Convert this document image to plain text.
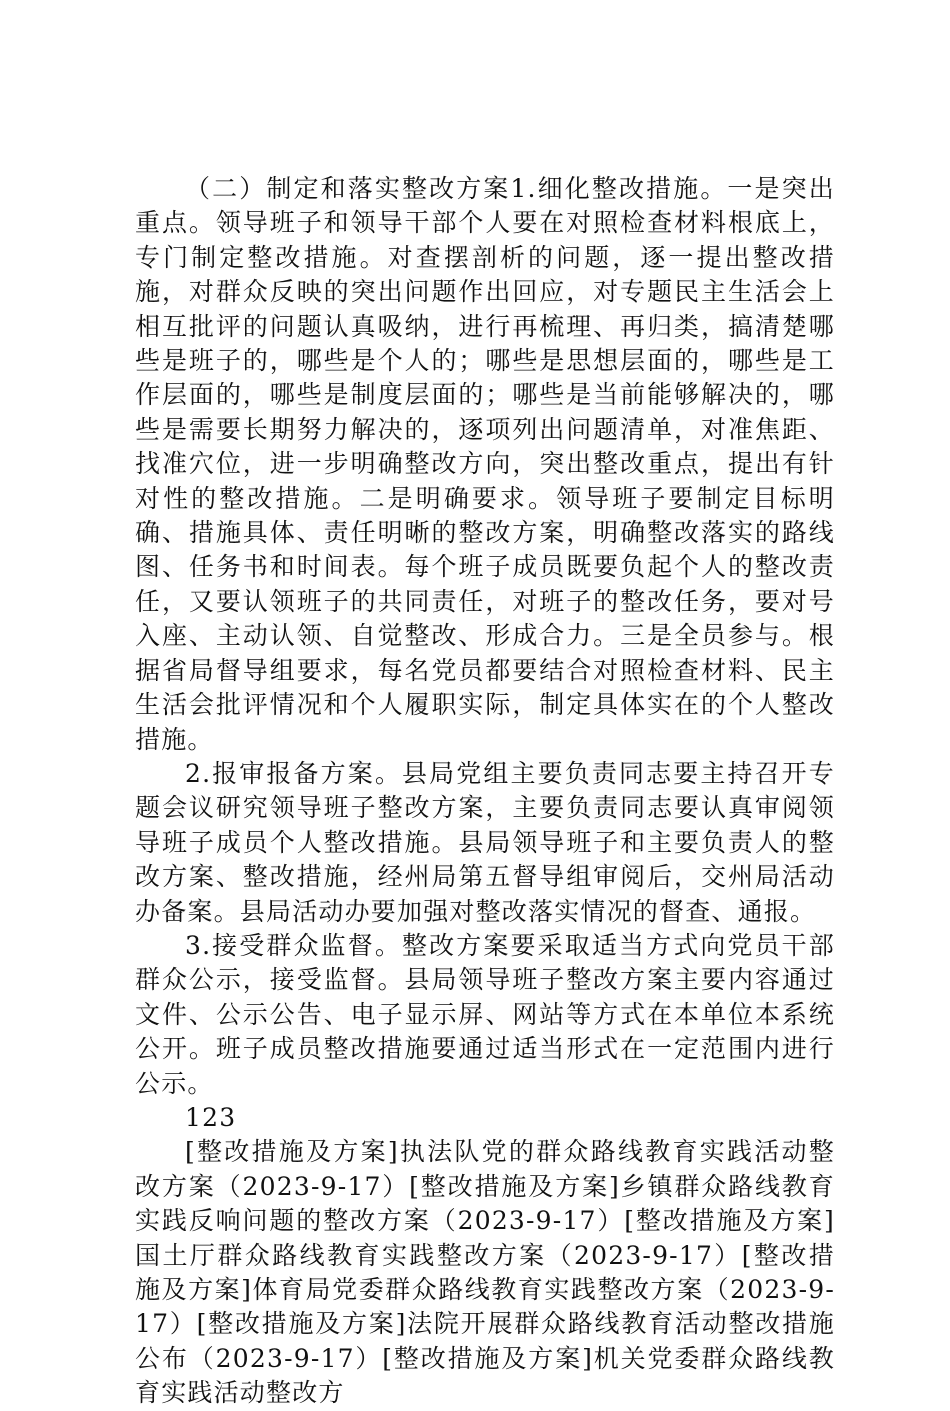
（二）制定和落实整改方案1.细化整改措施。一是突出重点。领导班子和领导干部个人要在对照检查材料根底上，专门制定整改措施。对查摆剖析的问题，逐一提出整改措施，对群众反映的突出问题作出回应，对专题民主生活会上相互批评的问题认真吸纳，进行再梳理、再归类，搞清楚哪些是班子的，哪些是个人的；哪些是思想层面的，哪些是工作层面的，哪些是制度层面的；哪些是当前能够解决的，哪些是需要长期努力解决的，逐项列出问题清单，对准焦距、找准穴位，进一步明确整改方向，突出整改重点，提出有针对性的整改措施。二是明确要求。领导班子要制定目标明确、措施具体、责任明晰的整改方案，明确整改落实的路线图、任务书和时间表。每个班子成员既要负起个人的整改责任，又要认领班子的共同责任，对班子的整改任务，要对号入座、主动认领、自觉整改、形成合力。三是全员参与。根据省局督导组要求，每名党员都要结合对照检查材料、民主生活会批评情况和个人履职实际，制定具体实在的个人整改措施。

2.报审报备方案。县局党组主要负责同志要主持召开专题会议研究领导班子整改方案，主要负责同志要认真审阅领导班子成员个人整改措施。县局领导班子和主要负责人的整改方案、整改措施，经州局第五督导组审阅后，交州局活动办备案。县局活动办要加强对整改落实情况的督查、通报。

3.接受群众监督。整改方案要采取适当方式向党员干部群众公示，接受监督。县局领导班子整改方案主要内容通过文件、公示公告、电子显示屏、网站等方式在本单位本系统公开。班子成员整改措施要通过适当形式在一定范围内进行公示。

123

[整改措施及方案]执法队党的群众路线教育实践活动整改方案（2023-9-17）[整改措施及方案]乡镇群众路线教育实践反响问题的整改方案（2023-9-17）[整改措施及方案]国土厅群众路线教育实践整改方案（2023-9-17）[整改措施及方案]体育局党委群众路线教育实践整改方案（2023-9-17）[整改措施及方案]法院开展群众路线教育活动整改措施公布（2023-9-17）[整改措施及方案]机关党委群众路线教育实践活动整改方
